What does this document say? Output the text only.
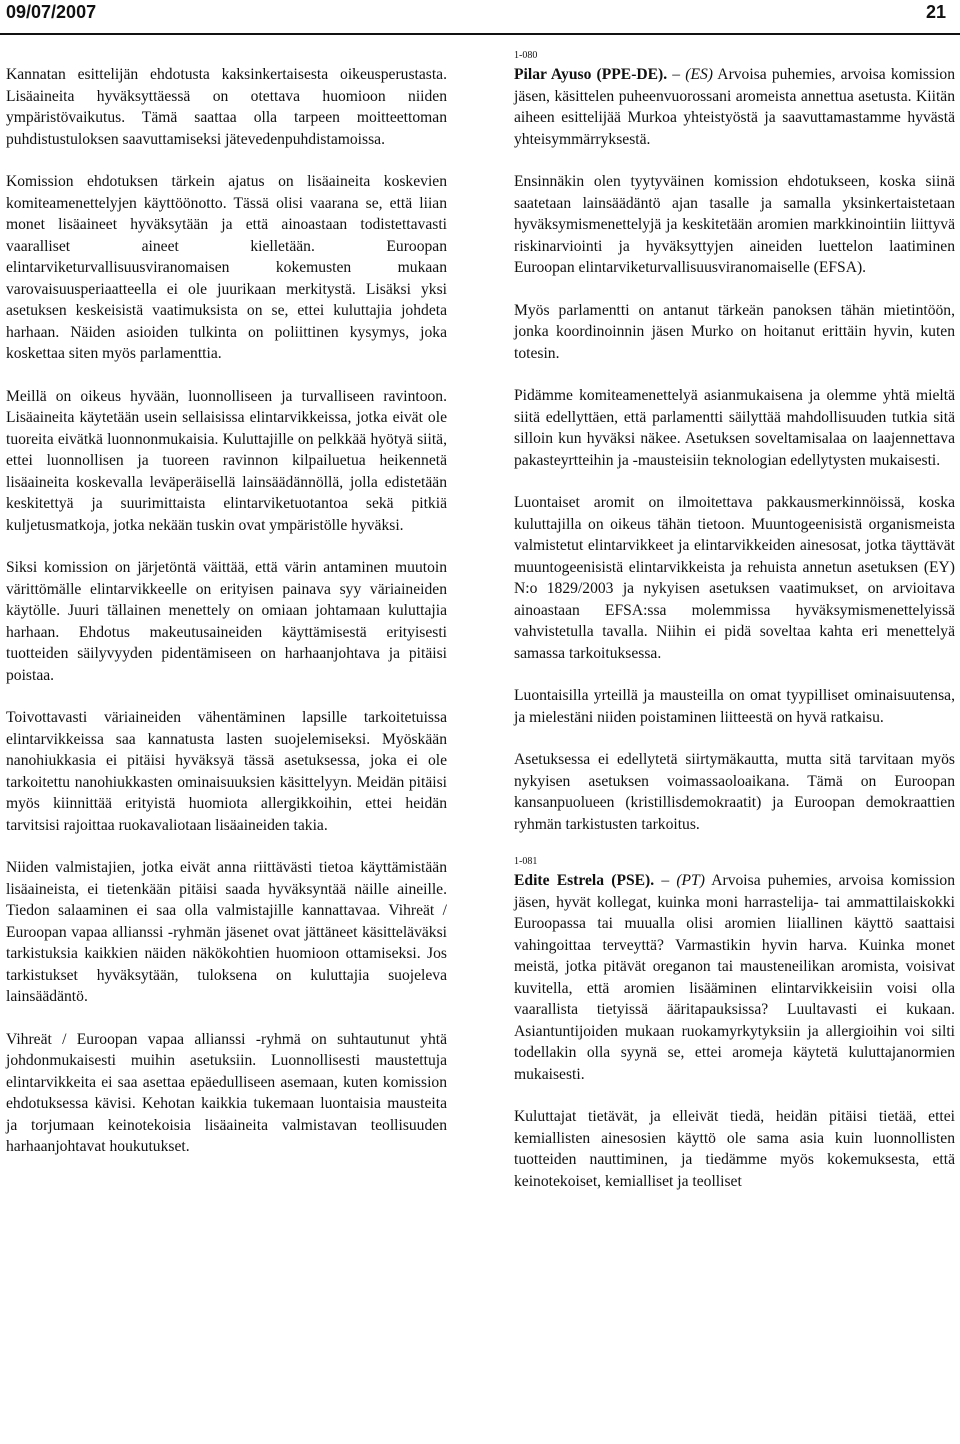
09/07/2007	21

Kannatan esittelijän ehdotusta kaksinkertaisesta oikeusperustasta. Lisäaineita hyväksyttäessä on otettava huomioon niiden ympäristövaikutus. Tämä saattaa olla tarpeen moitteettoman puhdistustuloksen saavuttamiseksi jätevedenpuhdistamoissa.

Komission ehdotuksen tärkein ajatus on lisäaineita koskevien komiteamenettelyjen käyttöönotto. Tässä olisi vaarana se, että liian monet lisäaineet hyväksytään ja että ainoastaan todistettavasti vaaralliset aineet kielletään. Euroopan elintarviketurvallisuusviranomaisen kokemusten mukaan varovaisuusperiaatteella ei ole juurikaan merkitystä. Lisäksi yksi asetuksen keskeisistä vaatimuksista on se, ettei kuluttajia johdeta harhaan. Näiden asioiden tulkinta on poliittinen kysymys, joka koskettaa siten myös parlamenttia.

Meillä on oikeus hyvään, luonnolliseen ja turvalliseen ravintoon. Lisäaineita käytetään usein sellaisissa elintarvikkeissa, jotka eivät ole tuoreita eivätkä luonnonmukaisia. Kuluttajille on pelkkää hyötyä siitä, ettei luonnollisen ja tuoreen ravinnon kilpailuetua heikennetä lisäaineita koskevalla leväperäisellä lainsäädännöllä, jolla edistetään keskitettyä ja suurimittaista elintarviketuotantoa sekä pitkiä kuljetusmatkoja, jotka nekään tuskin ovat ympäristölle hyväksi.

Siksi komission on järjetöntä väittää, että värin antaminen muutoin värittömälle elintarvikkeelle on erityisen painava syy väriaineiden käytölle. Juuri tällainen menettely on omiaan johtamaan kuluttajia harhaan. Ehdotus makeutusaineiden käyttämisestä erityisesti tuotteiden säilyvyyden pidentämiseen on harhaanjohtava ja pitäisi poistaa.

Toivottavasti väriaineiden vähentäminen lapsille tarkoitetuissa elintarvikkeissa saa kannatusta lasten suojelemiseksi. Myöskään nanohiukkasia ei pitäisi hyväksyä tässä asetuksessa, joka ei ole tarkoitettu nanohiukkasten ominaisuuksien käsittelyyn. Meidän pitäisi myös kiinnittää erityistä huomiota allergikkoihin, ettei heidän tarvitsisi rajoittaa ruokavaliotaan lisäaineiden takia.

Niiden valmistajien, jotka eivät anna riittävästi tietoa käyttämistään lisäaineista, ei tietenkään pitäisi saada hyväksyntää näille aineille. Tiedon salaaminen ei saa olla valmistajille kannattavaa. Vihreät / Euroopan vapaa allianssi -ryhmän jäsenet ovat jättäneet käsitteläväksi tarkistuksia kaikkien näiden näkökohtien huomioon ottamiseksi. Jos tarkistukset hyväksytään, tuloksena on kuluttajia suojeleva lainsäädäntö.

Vihreät / Euroopan vapaa allianssi -ryhmä on suhtautunut yhtä johdonmukaisesti muihin asetuksiin. Luonnollisesti maustettuja elintarvikkeita ei saa asettaa epäedulliseen asemaan, kuten komission ehdotuksessa kävisi. Kehotan kaikkia tukemaan luontaisia mausteita ja torjumaan keinotekoisia lisäaineita valmistavan teollisuuden harhaanjohtavat houkutukset.

1-080

Pilar Ayuso (PPE-DE). – (ES) Arvoisa puhemies, arvoisa komission jäsen, käsittelen puheenvuorossani aromeista annettua asetusta. Kiitän aiheen esittelijää Murkoa yhteistyöstä ja saavuttamastamme hyvästä yhteisymmärryksestä.

Ensinnäkin olen tyytyväinen komission ehdotukseen, koska siinä saatetaan lainsäädäntö ajan tasalle ja samalla yksinkertaistetaan hyväksymismenettelyjä ja keskitetään aromien markkinointiin liittyvä riskinarviointi ja hyväksyttyjen aineiden luettelon laatiminen Euroopan elintarviketurvallisuusviranomaiselle (EFSA).

Myös parlamentti on antanut tärkeän panoksen tähän mietintöön, jonka koordinoinnin jäsen Murko on hoitanut erittäin hyvin, kuten totesin.

Pidämme komiteamenettelyä asianmukaisena ja olemme yhtä mieltä siitä edellyttäen, että parlamentti säilyttää mahdollisuuden tutkia sitä silloin kun hyväksi näkee. Asetuksen soveltamisalaa on laajennettava pakasteyrtteihin ja -mausteisiin teknologian edellytysten mukaisesti.

Luontaiset aromit on ilmoitettava pakkausmerkinnöissä, koska kuluttajilla on oikeus tähän tietoon. Muuntogeenisistä organismeista valmistetut elintarvikkeet ja elintarvikkeiden ainesosat, jotka täyttävät muuntogeenisistä elintarvikkeista ja rehuista annetun asetuksen (EY) N:o 1829/2003 ja nykyisen asetuksen vaatimukset, on arvioitava ainoastaan EFSA:ssa molemmissa hyväksymismenettelyissä vahvistetulla tavalla. Niihin ei pidä soveltaa kahta eri menettelyä samassa tarkoituksessa.

Luontaisilla yrteillä ja mausteilla on omat tyypilliset ominaisuutensa, ja mielestäni niiden poistaminen liitteestä on hyvä ratkaisu.

Asetuksessa ei edellytetä siirtymäkautta, mutta sitä tarvitaan myös nykyisen asetuksen voimassaoloaikana. Tämä on Euroopan kansanpuolueen (kristillisdemokraatit) ja Euroopan demokraattien ryhmän tarkistusten tarkoitus.

1-081

Edite Estrela (PSE). – (PT) Arvoisa puhemies, arvoisa komission jäsen, hyvät kollegat, kuinka moni harrastelija- tai ammattilaiskokki Euroopassa tai muualla olisi aromien liiallinen käyttö saattaisi vahingoittaa terveyttä? Varmastikin hyvin harva. Kuinka monet meistä, jotka pitävät oreganon tai mausteneilikan aromista, voisivat kuvitella, että aromien lisääminen elintarvikkeisiin voisi olla vaarallista tietyissä ääritapauksissa? Luultavasti ei kukaan. Asiantuntijoiden mukaan ruokamyrkytyksiin ja allergioihin voi silti todellakin olla syynä se, ettei aromeja käytetä kuluttajanormien mukaisesti.

Kuluttajat tietävät, ja elleivät tiedä, heidän pitäisi tietää, ettei kemiallisten ainesosien käyttö ole sama asia kuin luonnollisten tuotteiden nauttiminen, ja tiedämme myös kokemuksesta, että keinotekoiset, kemialliset ja teolliset
